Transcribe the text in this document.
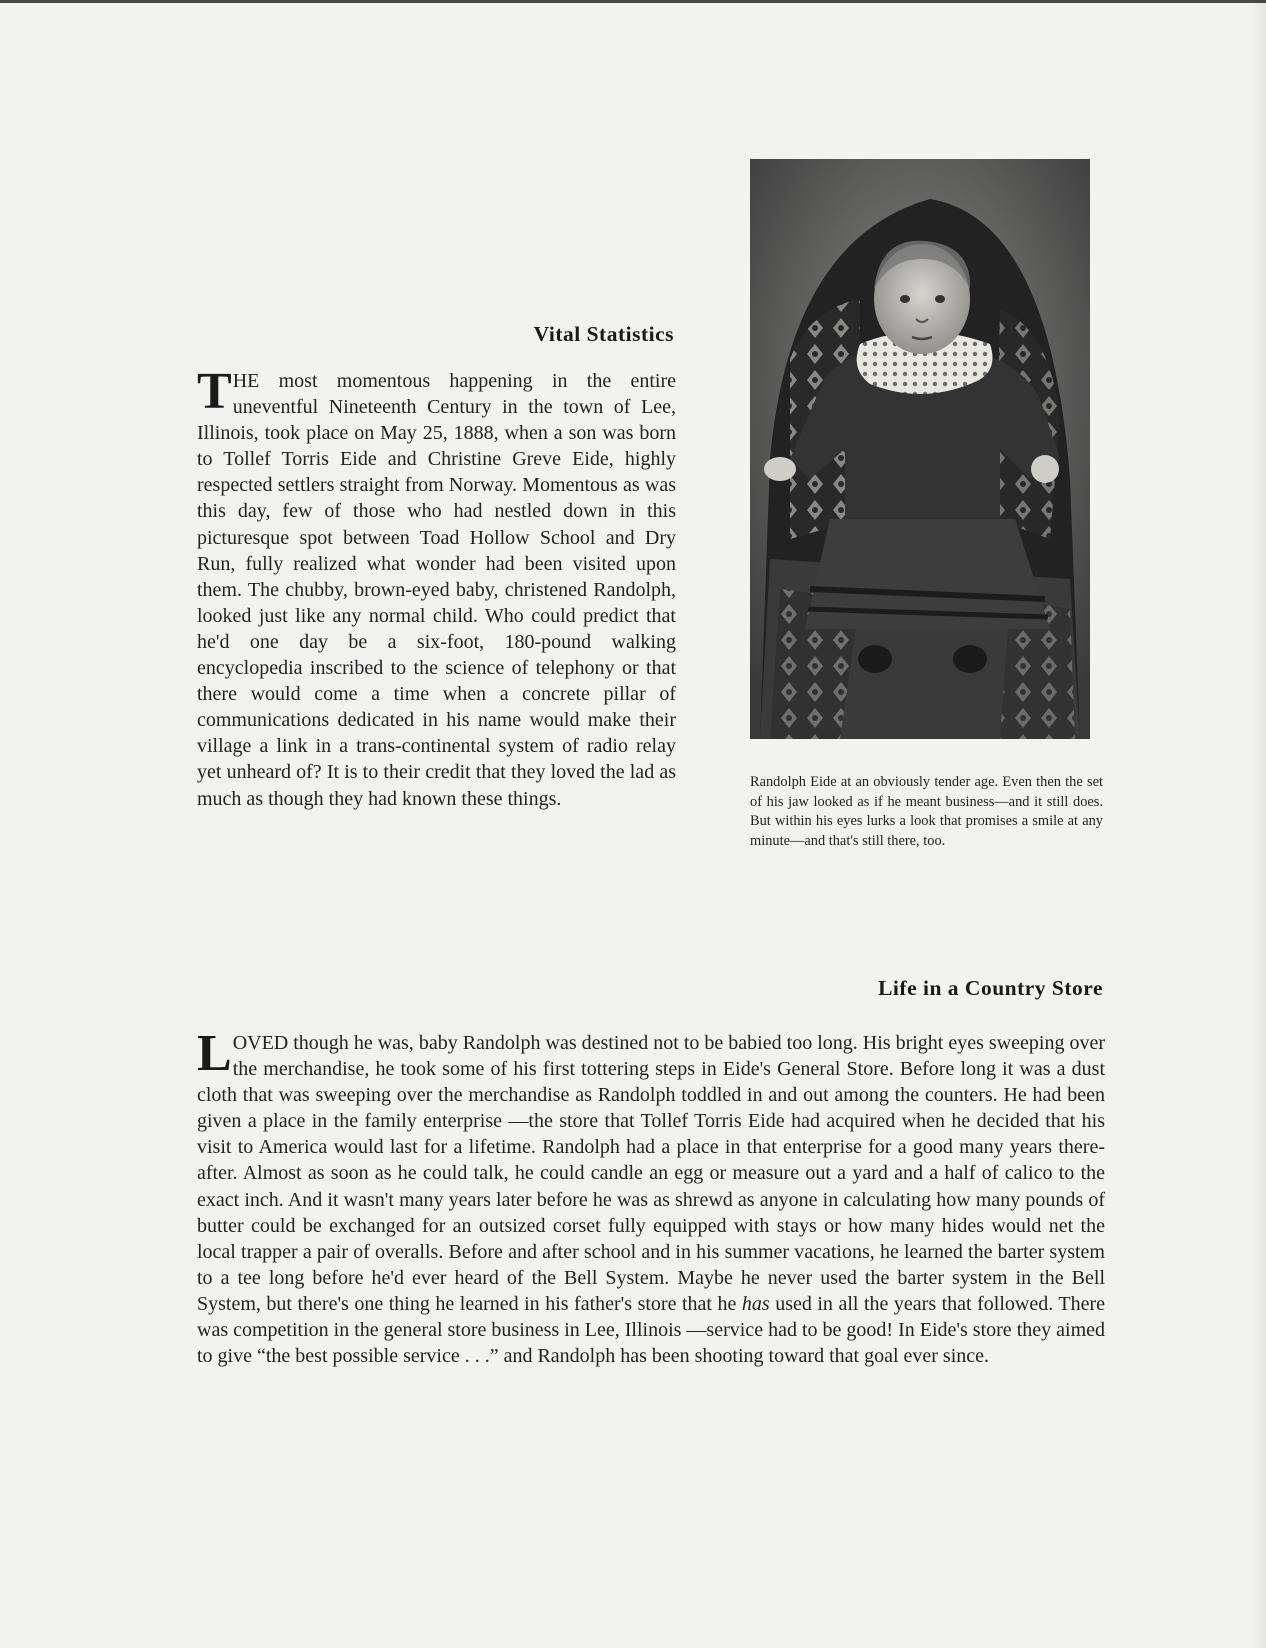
Vital Statistics

THE most momentous happening in the entire uneventful Nineteenth Century in the town of Lee, Illinois, took place on May 25, 1888, when a son was born to Tollef Torris Eide and Christine Greve Eide, highly respected settlers straight from Norway. Momentous as was this day, few of those who had nestled down in this picturesque spot between Toad Hollow School and Dry Run, fully realized what wonder had been visited upon them. The chubby, brown-eyed baby, christened Randolph, looked just like any normal child. Who could predict that he'd one day be a six-foot, 180-pound walking encyclopedia inscribed to the science of telephony or that there would come a time when a concrete pillar of communications dedicated in his name would make their village a link in a trans-continental system of radio relay yet unheard of? It is to their credit that they loved the lad as much as though they had known these things.

Randolph Eide at an obviously tender age. Even then the set of his jaw looked as if he meant business—and it still does. But within his eyes lurks a look that promises a smile at any minute—and that's still there, too.

Life in a Country Store

LOVED though he was, baby Randolph was destined not to be babied too long. His bright eyes sweeping over the merchandise, he took some of his first tottering steps in Eide's General Store. Before long it was a dust cloth that was sweeping over the merchandise as Randolph toddled in and out among the counters. He had been given a place in the family enterprise —the store that Tollef Torris Eide had acquired when he decided that his visit to America would last for a lifetime. Randolph had a place in that enterprise for a good many years thereafter. Almost as soon as he could talk, he could candle an egg or measure out a yard and a half of calico to the exact inch. And it wasn't many years later before he was as shrewd as anyone in calculating how many pounds of butter could be exchanged for an outsized corset fully equipped with stays or how many hides would net the local trapper a pair of overalls. Before and after school and in his summer vacations, he learned the barter system to a tee long before he'd ever heard of the Bell System. Maybe he never used the barter system in the Bell System, but there's one thing he learned in his father's store that he has used in all the years that followed. There was competition in the general store business in Lee, Illinois —service had to be good! In Eide's store they aimed to give “the best possible service . . .” and Randolph has been shooting toward that goal ever since.
